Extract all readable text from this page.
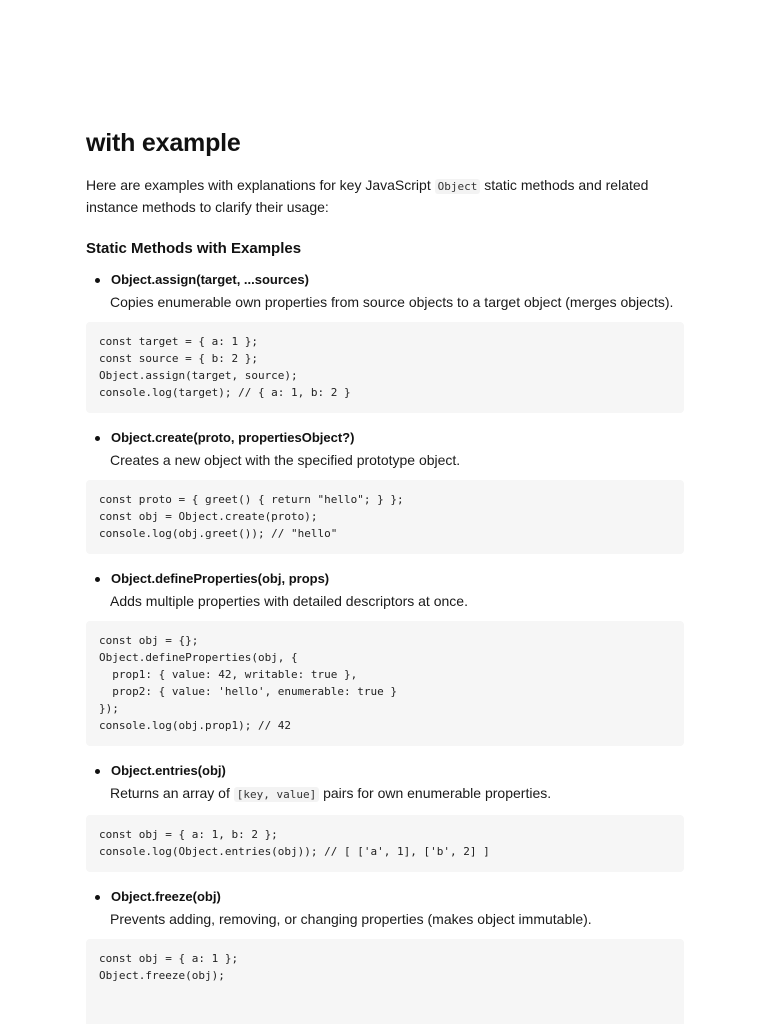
with example

Here are examples with explanations for key JavaScript Object static methods and related instance methods to clarify their usage:

Static Methods with Examples
Object.assign(target, ...sources)
Copies enumerable own properties from source objects to a target object (merges objects).
const target = { a: 1 };
const source = { b: 2 };
Object.assign(target, source);
console.log(target); // { a: 1, b: 2 }
Object.create(proto, propertiesObject?)
Creates a new object with the specified prototype object.
const proto = { greet() { return "hello"; } };
const obj = Object.create(proto);
console.log(obj.greet()); // "hello"
Object.defineProperties(obj, props)
Adds multiple properties with detailed descriptors at once.
const obj = {};
Object.defineProperties(obj, {
prop1: { value: 42, writable: true },
prop2: { value: 'hello', enumerable: true }
});
console.log(obj.prop1); // 42
Object.entries(obj)
Returns an array of [key, value] pairs for own enumerable properties.
const obj = { a: 1, b: 2 };
console.log(Object.entries(obj)); // [ ['a', 1], ['b', 2] ]
Object.freeze(obj)
Prevents adding, removing, or changing properties (makes object immutable).
const obj = { a: 1 };
Object.freeze(obj);
